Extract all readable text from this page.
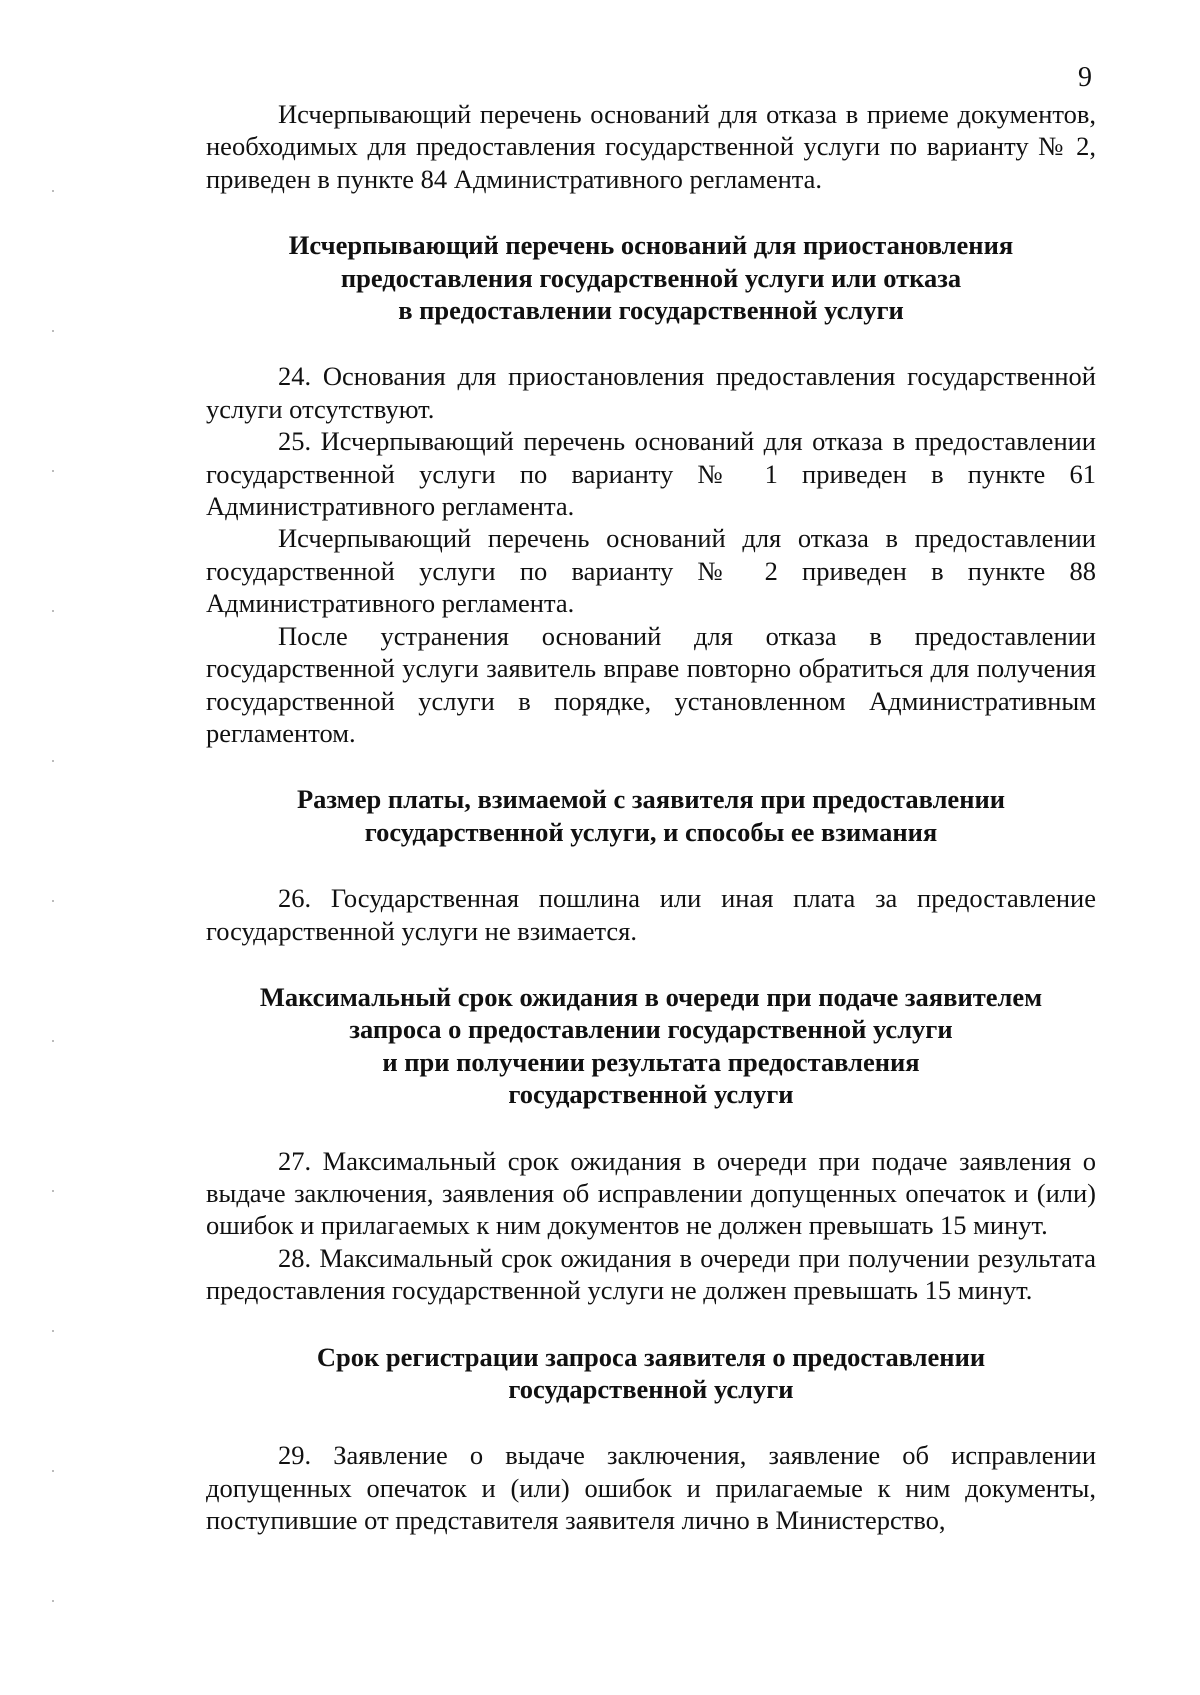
9

Исчерпывающий перечень оснований для отказа в приеме документов, необходимых для предоставления государственной услуги по варианту № 2, приведен в пункте 84 Административного регламента.

Исчерпывающий перечень оснований для приостановления
предоставления государственной услуги или отказа
в предоставлении государственной услуги

24. Основания для приостановления предоставления государственной услуги отсутствуют.

25. Исчерпывающий перечень оснований для отказа в предоставлении государственной услуги по варианту № 1 приведен в пункте 61 Административного регламента.

Исчерпывающий перечень оснований для отказа в предоставлении государственной услуги по варианту № 2 приведен в пункте 88 Административного регламента.

После устранения оснований для отказа в предоставлении государственной услуги заявитель вправе повторно обратиться для получения государственной услуги в порядке, установленном Административным регламентом.

Размер платы, взимаемой с заявителя при предоставлении
государственной услуги, и способы ее взимания

26. Государственная пошлина или иная плата за предоставление государственной услуги не взимается.

Максимальный срок ожидания в очереди при подаче заявителем
запроса о предоставлении государственной услуги
и при получении результата предоставления
государственной услуги

27. Максимальный срок ожидания в очереди при подаче заявления о выдаче заключения, заявления об исправлении допущенных опечаток и (или) ошибок и прилагаемых к ним документов не должен превышать 15 минут.

28. Максимальный срок ожидания в очереди при получении результата предоставления государственной услуги не должен превышать 15 минут.

Срок регистрации запроса заявителя о предоставлении
государственной услуги

29. Заявление о выдаче заключения, заявление об исправлении допущенных опечаток и (или) ошибок и прилагаемые к ним документы, поступившие от представителя заявителя лично в Министерство,
